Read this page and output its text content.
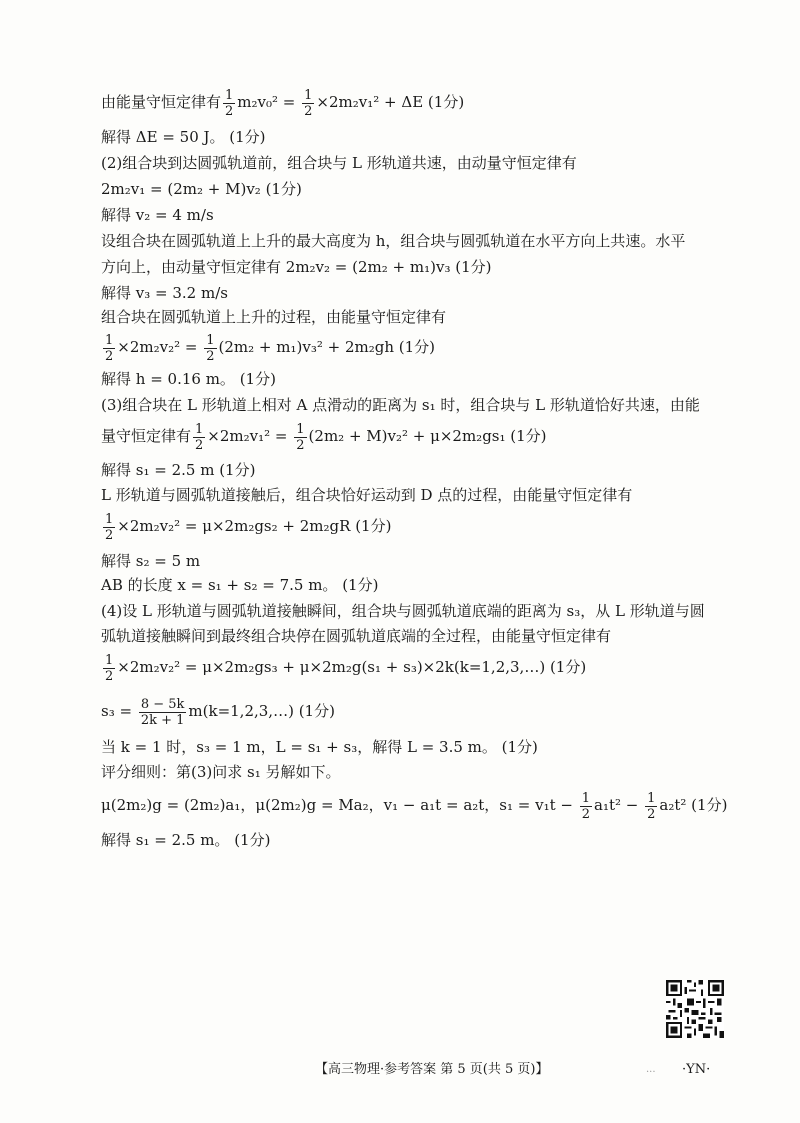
由能量守恒定律有 $\frac{1}{2} m_2v_0^2 = \frac{1}{2} \times 2m_2v_1^2 + \Delta E$ (1分)
解得 ΔE = 50 J。 (1分)
(2)组合块到达圆弧轨道前，组合块与 L 形轨道共速，由动量守恒定律有
2m₂v₁ = (2m₂ + M)v₂ (1分)
解得 v₂ = 4 m/s
设组合块在圆弧轨道上上升的最大高度为 h，组合块与圆弧轨道在水平方向上共速。水平
方向上，由动量守恒定律有 2m₂v₂ = (2m₂ + m₁)v₃ (1分)
解得 v₃ = 3.2 m/s
组合块在圆弧轨道上上升的过程，由能量守恒定律有
$\frac{1}{2} \times 2m_2v_2^2 = \frac{1}{2} (2m_2 + m_1)v_3^2 + 2m_2gh$ (1分)
解得 h = 0.16 m。 (1分)
(3)组合块在 L 形轨道上相对 A 点滑动的距离为 s₁ 时，组合块与 L 形轨道恰好共速，由能
量守恒定律有 $\frac{1}{2} \times 2m_2v_1^2 = \frac{1}{2} (2m_2 + M)v_2^2 + \mu\times 2m_2gs_1$ (1分)
解得 s₁ = 2.5 m (1分)
L 形轨道与圆弧轨道接触后，组合块恰好运动到 D 点的过程，由能量守恒定律有
$\frac{1}{2} \times 2m_2v_2^2 = \mu\times 2m_2gs_2 + 2m_2gR$ (1分)
解得 s₂ = 5 m
AB 的长度 x = s₁ + s₂ = 7.5 m。 (1分)
(4)设 L 形轨道与圆弧轨道接触瞬间，组合块与圆弧轨道底端的距离为 s₃，从 L 形轨道与圆
弧轨道接触瞬间到最终组合块停在圆弧轨道底端的全过程，由能量守恒定律有
$\frac{1}{2} \times 2m_2v_2^2 = \mu\times 2m_2gs_3 + \mu\times 2m_2g(s_1$ + s₃)×2k(k=1,2,3,…) (1分)
$s_3 = \frac{8 - 5k}{2k + 1}$ m(k=1,2,3,…) (1分)
当 k = 1 时，s₃ = 1 m，L = s₁ + s₃，解得 L = 3.5 m。 (1分)
评分细则：第(3)问求 s₁ 另解如下。
μ(2m₂)g = (2m₂)a₁，μ(2m₂)g = Ma₂，v₁ − a₁t = a₂t，$s_1 = v_1t - \frac{1}{2} a_1t^2 - \frac{1}{2} a_2t^2$ (1分)
解得 s₁ = 2.5 m。 (1分)
【高三物理·参考答案 第 5 页(共 5 页)】	... ·YN·
